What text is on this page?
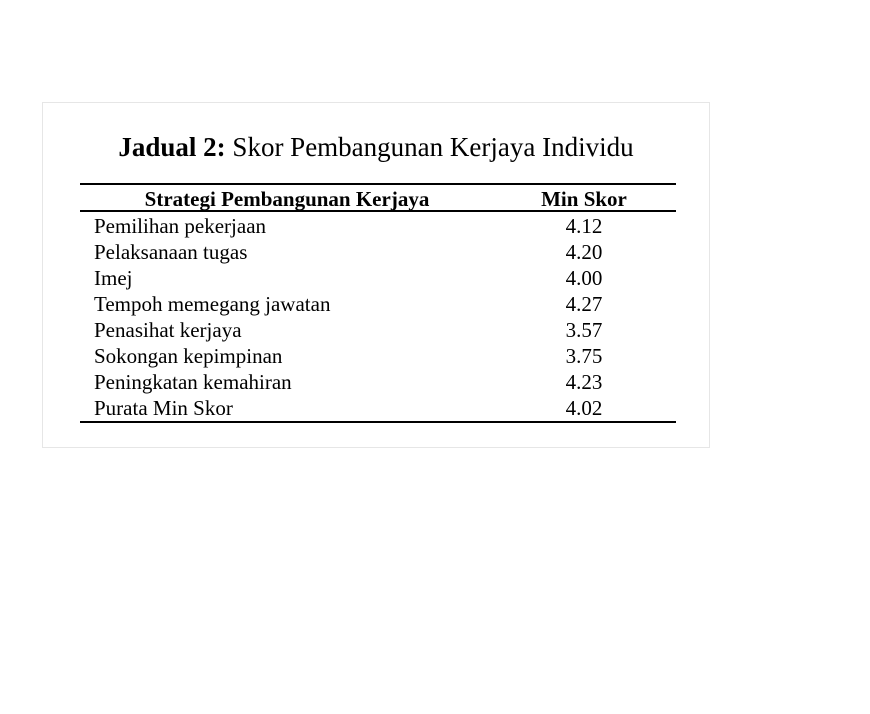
Jadual 2: Skor Pembangunan Kerjaya Individu
Strategi Pembangunan Kerjaya	Min Skor
Pemilihan pekerjaan	4.12
Pelaksanaan tugas	4.20
Imej	4.00
Tempoh memegang jawatan	4.27
Penasihat kerjaya	3.57
Sokongan kepimpinan	3.75
Peningkatan kemahiran	4.23
Purata Min Skor	4.02
